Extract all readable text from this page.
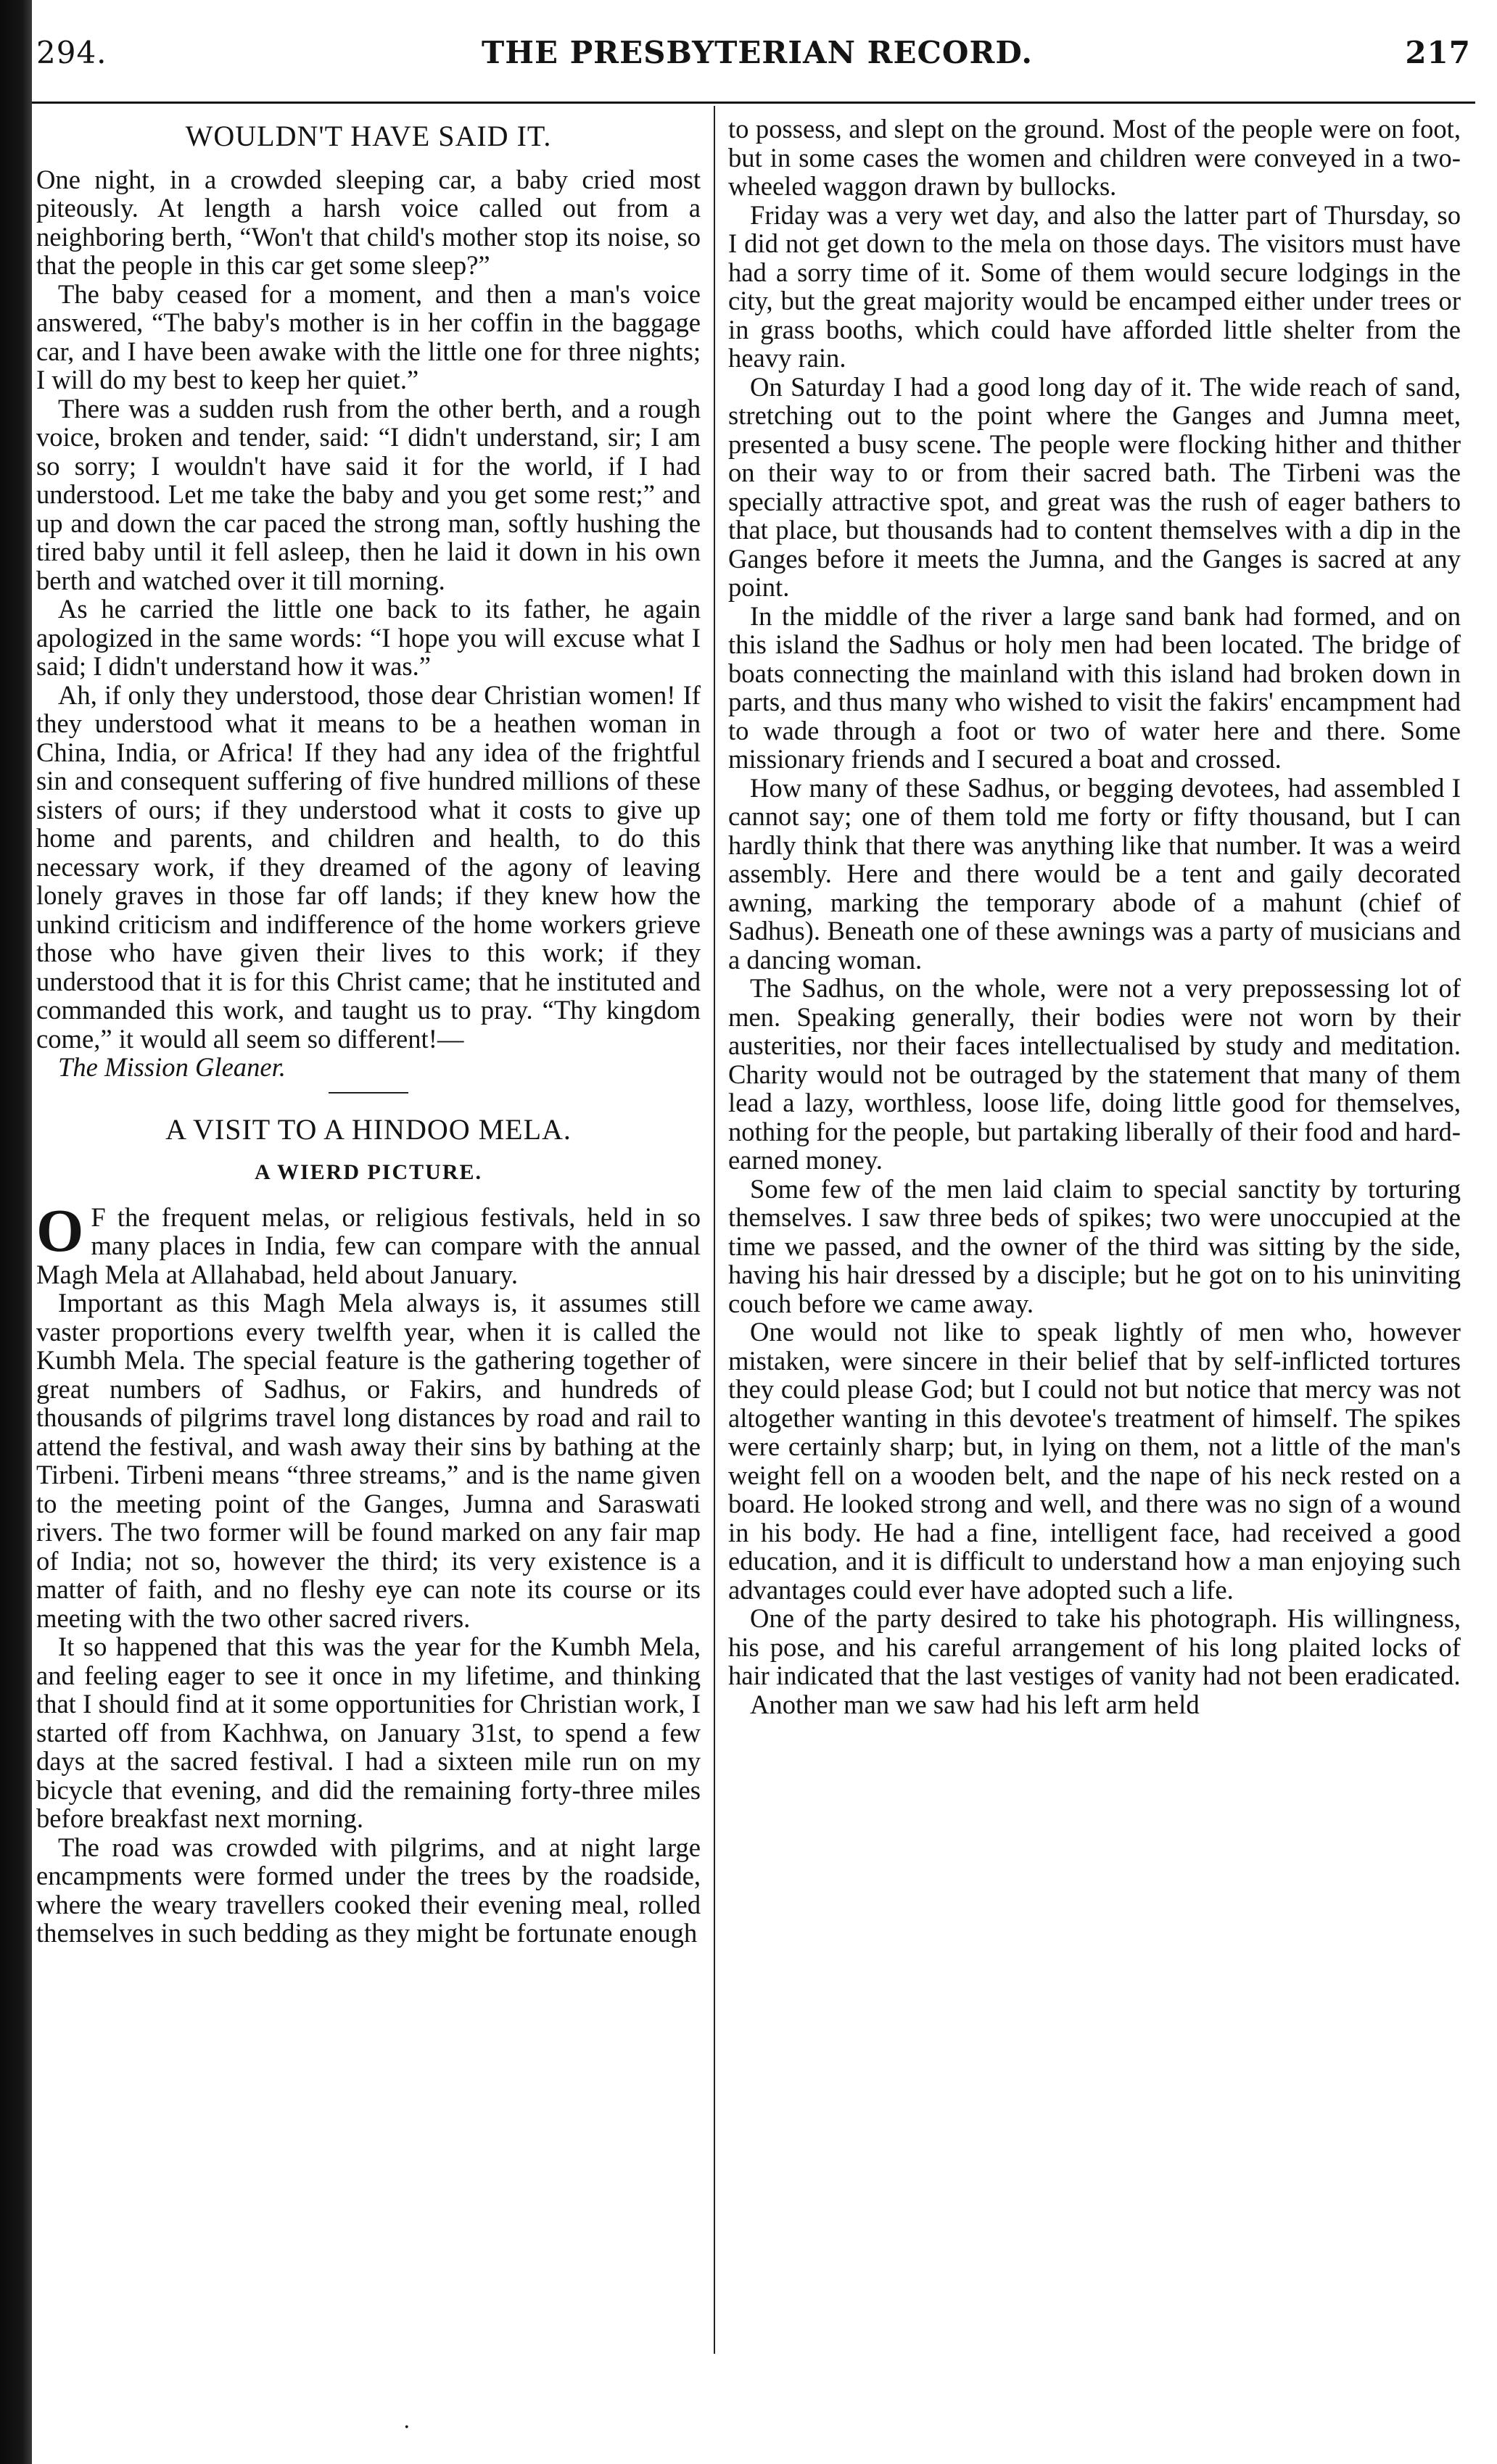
294.	THE PRESBYTERIAN RECORD.	217
WOULDN'T HAVE SAID IT.

One night, in a crowded sleeping car, a baby cried most piteously. At length a harsh voice called out from a neighboring berth, “Won't that child's mother stop its noise, so that the people in this car get some sleep?”

The baby ceased for a moment, and then a man's voice answered, “The baby's mother is in her coffin in the baggage car, and I have been awake with the little one for three nights; I will do my best to keep her quiet.”

There was a sudden rush from the other berth, and a rough voice, broken and tender, said: “I didn't understand, sir; I am so sorry; I wouldn't have said it for the world, if I had understood. Let me take the baby and you get some rest;” and up and down the car paced the strong man, softly hushing the tired baby until it fell asleep, then he laid it down in his own berth and watched over it till morning.

As he carried the little one back to its father, he again apologized in the same words: “I hope you will excuse what I said; I didn't understand how it was.”

Ah, if only they understood, those dear Christian women! If they understood what it means to be a heathen woman in China, India, or Africa! If they had any idea of the frightful sin and consequent suffering of five hundred millions of these sisters of ours; if they understood what it costs to give up home and parents, and children and health, to do this necessary work, if they dreamed of the agony of leaving lonely graves in those far off lands; if they knew how the unkind criticism and indifference of the home workers grieve those who have given their lives to this work; if they understood that it is for this Christ came; that he instituted and commanded this work, and taught us to pray. “Thy kingdom come,” it would all seem so different!—

The Mission Gleaner.

A VISIT TO A HINDOO MELA.
A WIERD PICTURE.

O F the frequent melas, or religious festivals, held in so many places in India, few can compare with the annual Magh Mela at Allahabad, held about January.

Important as this Magh Mela always is, it assumes still vaster proportions every twelfth year, when it is called the Kumbh Mela. The special feature is the gathering together of great numbers of Sadhus, or Fakirs, and hundreds of thousands of pilgrims travel long distances by road and rail to attend the festival, and wash away their sins by bathing at the Tirbeni. Tirbeni means “three streams,” and is the name given to the meeting point of the Ganges, Jumna and Saraswati rivers. The two former will be found marked on any fair map of India; not so, however the third; its very existence is a matter of faith, and no fleshy eye can note its course or its meeting with the two other sacred rivers.

It so happened that this was the year for the Kumbh Mela, and feeling eager to see it once in my lifetime, and thinking that I should find at it some opportunities for Christian work, I started off from Kachhwa, on January 31st, to spend a few days at the sacred festival. I had a sixteen mile run on my bicycle that evening, and did the remaining forty-three miles before breakfast next morning.

The road was crowded with pilgrims, and at night large encampments were formed under the trees by the roadside, where the weary travellers cooked their evening meal, rolled themselves in such bedding as they might be fortunate enough

to possess, and slept on the ground. Most of the people were on foot, but in some cases the women and children were conveyed in a two-wheeled waggon drawn by bullocks.

Friday was a very wet day, and also the latter part of Thursday, so I did not get down to the mela on those days. The visitors must have had a sorry time of it. Some of them would secure lodgings in the city, but the great majority would be encamped either under trees or in grass booths, which could have afforded little shelter from the heavy rain.

On Saturday I had a good long day of it. The wide reach of sand, stretching out to the point where the Ganges and Jumna meet, presented a busy scene. The people were flocking hither and thither on their way to or from their sacred bath. The Tirbeni was the specially attractive spot, and great was the rush of eager bathers to that place, but thousands had to content themselves with a dip in the Ganges before it meets the Jumna, and the Ganges is sacred at any point.

In the middle of the river a large sand bank had formed, and on this island the Sadhus or holy men had been located. The bridge of boats connecting the mainland with this island had broken down in parts, and thus many who wished to visit the fakirs' encampment had to wade through a foot or two of water here and there. Some missionary friends and I secured a boat and crossed.

How many of these Sadhus, or begging devotees, had assembled I cannot say; one of them told me forty or fifty thousand, but I can hardly think that there was anything like that number. It was a weird assembly. Here and there would be a tent and gaily decorated awning, marking the temporary abode of a mahunt (chief of Sadhus). Beneath one of these awnings was a party of musicians and a dancing woman.

The Sadhus, on the whole, were not a very prepossessing lot of men. Speaking generally, their bodies were not worn by their austerities, nor their faces intellectualised by study and meditation. Charity would not be outraged by the statement that many of them lead a lazy, worthless, loose life, doing little good for themselves, nothing for the people, but partaking liberally of their food and hard-earned money.

Some few of the men laid claim to special sanctity by torturing themselves. I saw three beds of spikes; two were unoccupied at the time we passed, and the owner of the third was sitting by the side, having his hair dressed by a disciple; but he got on to his uninviting couch before we came away.

One would not like to speak lightly of men who, however mistaken, were sincere in their belief that by self-inflicted tortures they could please God; but I could not but notice that mercy was not altogether wanting in this devotee's treatment of himself. The spikes were certainly sharp; but, in lying on them, not a little of the man's weight fell on a wooden belt, and the nape of his neck rested on a board. He looked strong and well, and there was no sign of a wound in his body. He had a fine, intelligent face, had received a good education, and it is difficult to understand how a man enjoying such advantages could ever have adopted such a life.

One of the party desired to take his photograph. His willingness, his pose, and his careful arrangement of his long plaited locks of hair indicated that the last vestiges of vanity had not been eradicated.

Another man we saw had his left arm held

·
